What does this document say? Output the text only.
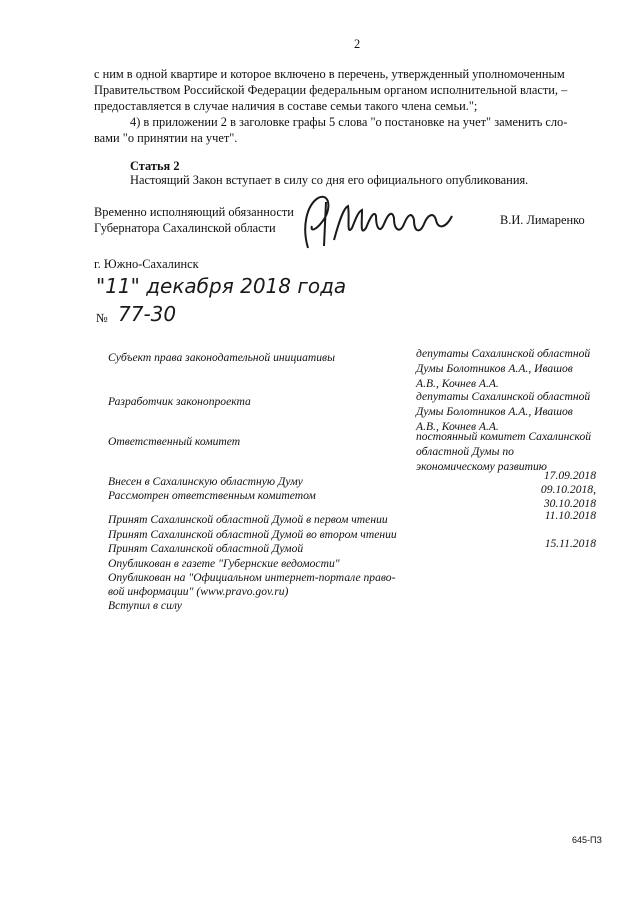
2
с ним в одной квартире и которое включено в перечень, утвержденный уполномоченным
Правительством Российской Федерации федеральным органом исполнительной власти, –
предоставляется в случае наличия в составе семьи такого члена семьи.";
4) в приложении 2 в заголовке графы 5 слова "о постановке на учет" заменить сло-
вами "о принятии на учет".
Статья 2
Настоящий Закон вступает в силу со дня его официального опубликования.
Временно исполняющий обязанности
Губернатора Сахалинской области
В.И. Лимаренко
г. Южно-Сахалинск
"11" декабря 2018 года
№ 77-30
Субъект права законодательной инициативы	депутаты Сахалинской областной
Думы Болотников А.А., Ивашов
А.В., Кочнев А.А.
Разработчик законопроекта	депутаты Сахалинской областной
Думы Болотников А.А., Ивашов
А.В., Кочнев А.А.
Ответственный комитет	постоянный комитет Сахалинской
областной Думы по
экономическому развитию
Внесен в Сахалинскую областную Думу	17.09.2018
Рассмотрен ответственным комитетом	09.10.2018,
30.10.2018
Принят Сахалинской областной Думой в первом чтении	11.10.2018
Принят Сахалинской областной Думой во втором чтении
Принят Сахалинской областной Думой	15.11.2018
Опубликован в газете "Губернские ведомости"
Опубликован на "Официальном интернет-портале право-
вой информации" (www.pravo.gov.ru)
Вступил в силу
645-ПЗ
